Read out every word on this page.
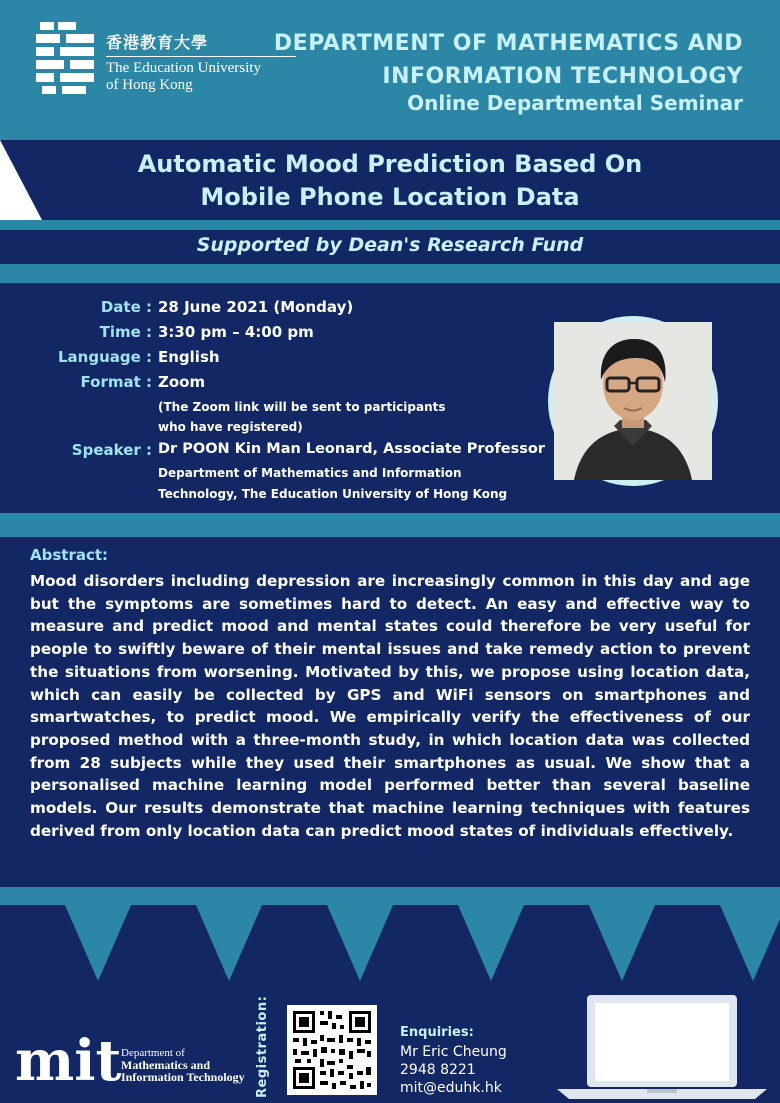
香港教育大學
The Education University
of Hong Kong
DEPARTMENT OF MATHEMATICS AND
INFORMATION TECHNOLOGY
Online Departmental Seminar
Automatic Mood Prediction Based On
Mobile Phone Location Data
Supported by Dean's Research Fund
Date : 28 June 2021 (Monday)
Time : 3:30 pm – 4:00 pm
Language : English
Format : Zoom
(The Zoom link will be sent to participants
who have registered)
Speaker : Dr POON Kin Man Leonard, Associate Professor
Department of Mathematics and Information
Technology, The Education University of Hong Kong
Abstract:
Mood disorders including depression are increasingly common in this day and age but the symptoms are sometimes hard to detect. An easy and effective way to measure and predict mood and mental states could therefore be very useful for people to swiftly beware of their mental issues and take remedy action to prevent the situations from worsening. Motivated by this, we propose using location data, which can easily be collected by GPS and WiFi sensors on smartphones and smartwatches, to predict mood. We empirically verify the effectiveness of our proposed method with a three-month study, in which location data was collected from 28 subjects while they used their smartphones as usual. We show that a personalised machine learning model performed better than several baseline models. Our results demonstrate that machine learning techniques with features derived from only location data can predict mood states of individuals effectively.
mit Department of
Mathematics and
Information Technology Registration:	Enquiries:
Mr Eric Cheung
2948 8221
mit@eduhk.hk
